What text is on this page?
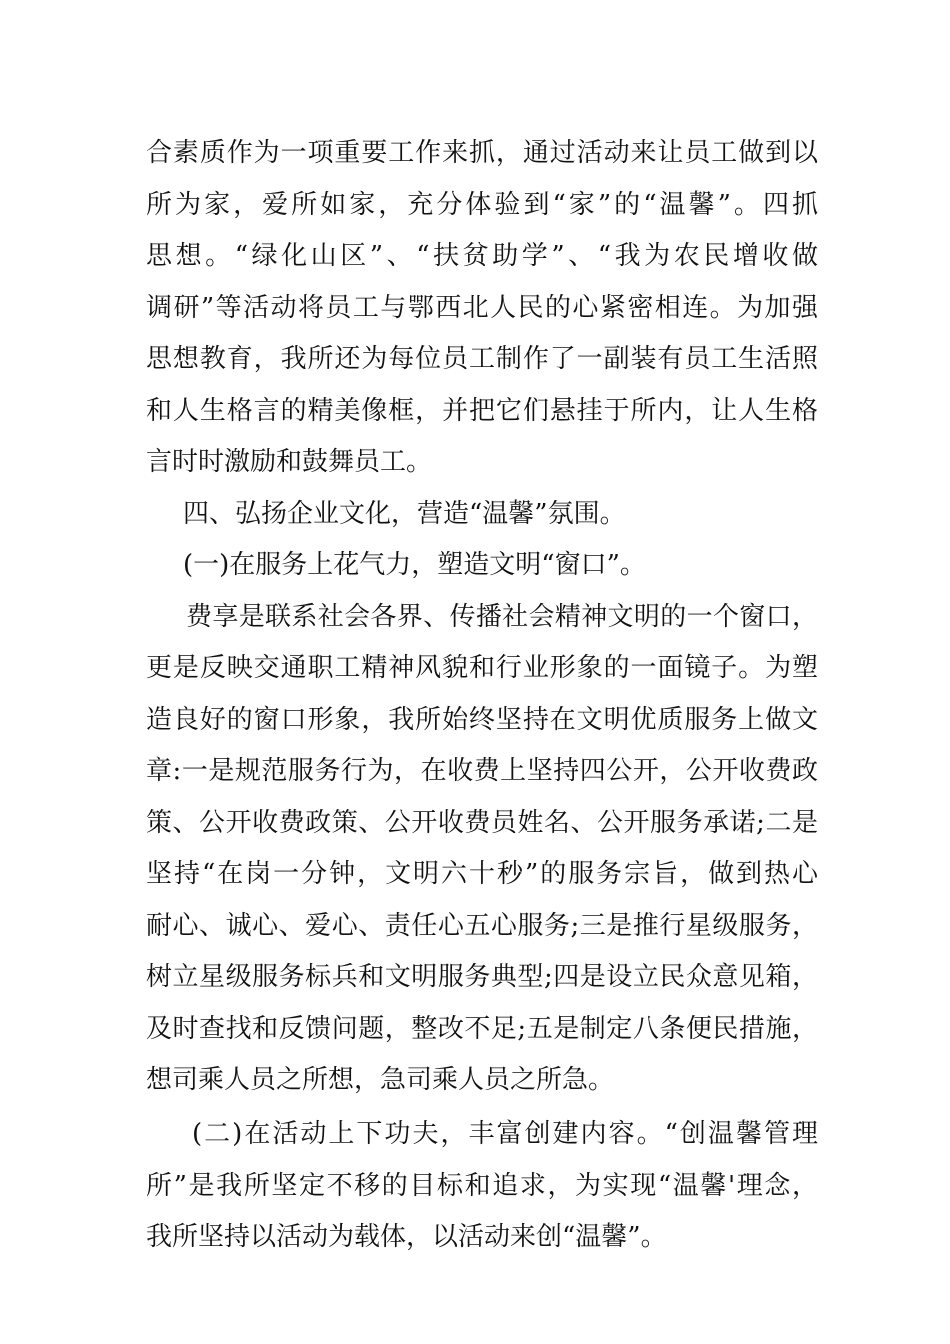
合素质作为一项重要工作来抓，通过活动来让员工做到以
所为家，爱所如家，充分体验到“家”的“温馨”。四抓
思想。“绿化山区”、“扶贫助学”、“我为农民增收做
调研”等活动将员工与鄂西北人民的心紧密相连。为加强
思想教育，我所还为每位员工制作了一副装有员工生活照
和人生格言的精美像框，并把它们悬挂于所内，让人生格
言时时激励和鼓舞员工。
四、弘扬企业文化，营造“温馨”氛围。
(一)在服务上花气力，塑造文明“窗口”。
费享是联系社会各界、传播社会精神文明的一个窗口，
更是反映交通职工精神风貌和行业形象的一面镜子。为塑
造良好的窗口形象，我所始终坚持在文明优质服务上做文
章:一是规范服务行为，在收费上坚持四公开，公开收费政
策、公开收费政策、公开收费员姓名、公开服务承诺;二是
坚持“在岗一分钟，文明六十秒”的服务宗旨，做到热心
耐心、诚心、爱心、责任心五心服务;三是推行星级服务，
树立星级服务标兵和文明服务典型;四是设立民众意见箱，
及时查找和反馈问题，整改不足;五是制定八条便民措施，
想司乘人员之所想，急司乘人员之所急。
(二)在活动上下功夫，丰富创建内容。“创温馨管理
所”是我所坚定不移的目标和追求，为实现“温馨'理念，
我所坚持以活动为载体，以活动来创“温馨”。
